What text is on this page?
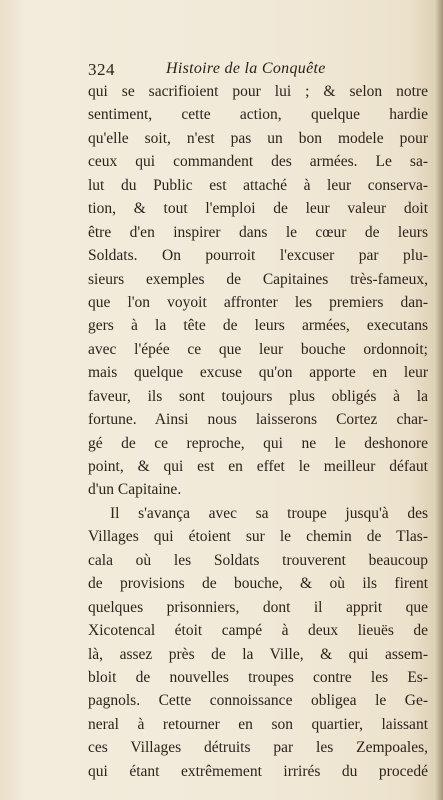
324	Histoire de la Conquête
qui se sacrifioient pour lui ; & selon notre
sentiment, cette action, quelque hardie
qu'elle soit, n'est pas un bon modele pour
ceux qui commandent des armées. Le sa-
lut du Public est attaché à leur conserva-
tion, & tout l'emploi de leur valeur doit
être d'en inspirer dans le cœur de leurs
Soldats. On pourroit l'excuser par plu-
sieurs exemples de Capitaines très-fameux,
que l'on voyoit affronter les premiers dan-
gers à la tête de leurs armées, executans
avec l'épée ce que leur bouche ordonnoit;
mais quelque excuse qu'on apporte en leur
faveur, ils sont toujours plus obligés à la
fortune. Ainsi nous laisserons Cortez char-
gé de ce reproche, qui ne le deshonore
point, & qui est en effet le meilleur défaut
d'un Capitaine.
Il s'avança avec sa troupe jusqu'à des
Villages qui étoient sur le chemin de Tlas-
cala où les Soldats trouverent beaucoup
de provisions de bouche, & où ils firent
quelques prisonniers, dont il apprit que
Xicotencal étoit campé à deux lieuës de
là, assez près de la Ville, & qui assem-
bloit de nouvelles troupes contre les Es-
pagnols. Cette connoissance obligea le Ge-
neral à retourner en son quartier, laissant
ces Villages détruits par les Zempoales,
qui étant extrêmement irrirés du procedé
